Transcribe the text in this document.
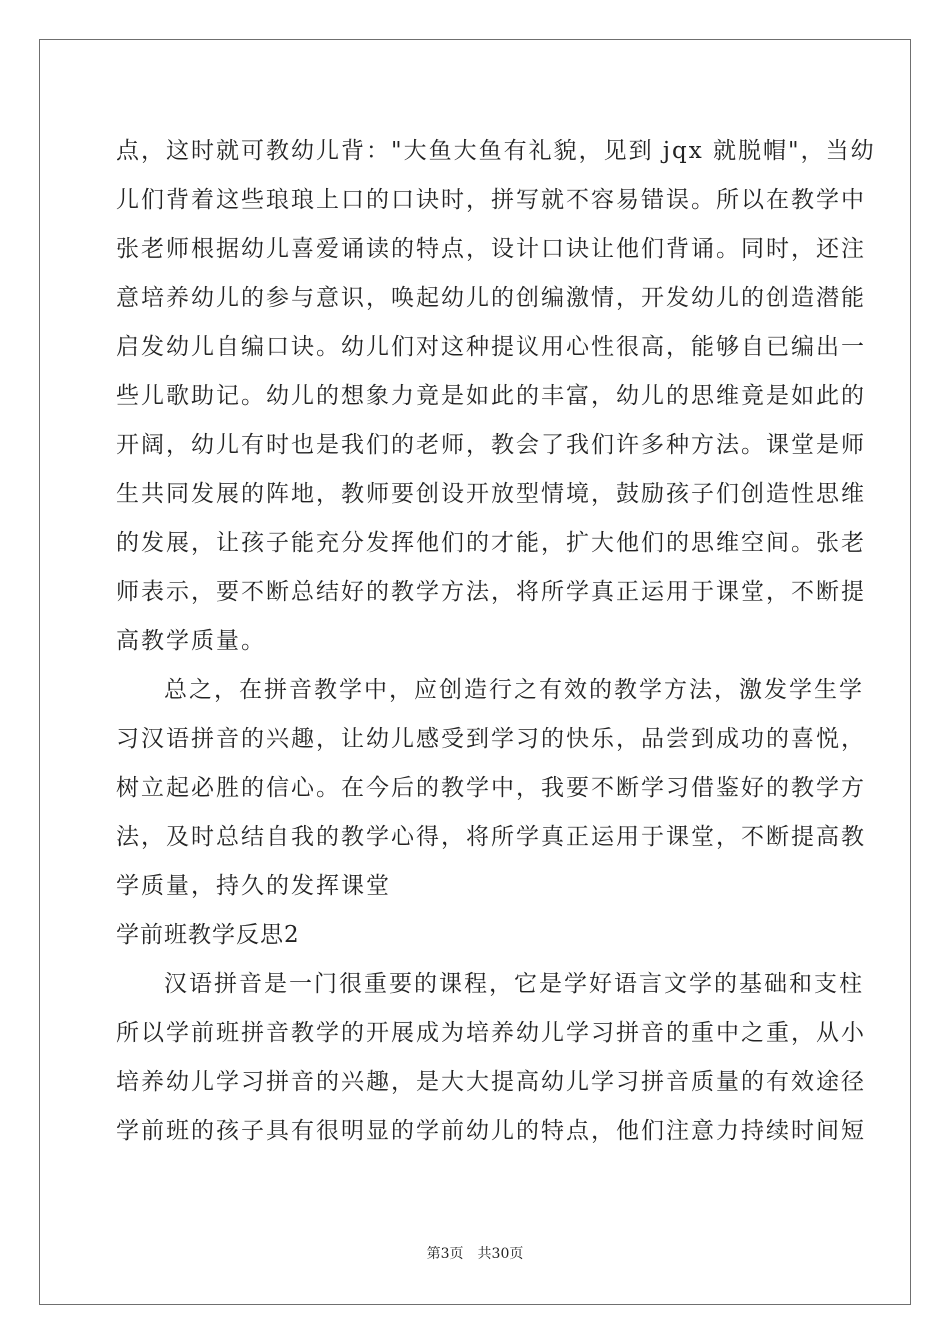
点，这时就可教幼儿背："大鱼大鱼有礼貌，见到 jqx 就脱帽"，当幼
儿们背着这些琅琅上口的口诀时，拼写就不容易错误。所以在教学中
张老师根据幼儿喜爱诵读的特点，设计口诀让他们背诵。同时，还注
意培养幼儿的参与意识，唤起幼儿的创编激情，开发幼儿的创造潜能
启发幼儿自编口诀。幼儿们对这种提议用心性很高，能够自已编出一
些儿歌助记。幼儿的想象力竟是如此的丰富，幼儿的思维竟是如此的
开阔，幼儿有时也是我们的老师，教会了我们许多种方法。课堂是师
生共同发展的阵地，教师要创设开放型情境，鼓励孩子们创造性思维
的发展，让孩子能充分发挥他们的才能，扩大他们的思维空间。张老
师表示，要不断总结好的教学方法，将所学真正运用于课堂，不断提
高教学质量。
总之，在拼音教学中，应创造行之有效的教学方法，激发学生学
习汉语拼音的兴趣，让幼儿感受到学习的快乐，品尝到成功的喜悦，
树立起必胜的信心。在今后的教学中，我要不断学习借鉴好的教学方
法，及时总结自我的教学心得，将所学真正运用于课堂，不断提高教
学质量，持久的发挥课堂
学前班教学反思2
汉语拼音是一门很重要的课程，它是学好语言文学的基础和支柱
所以学前班拼音教学的开展成为培养幼儿学习拼音的重中之重，从小
培养幼儿学习拼音的兴趣，是大大提高幼儿学习拼音质量的有效途径
学前班的孩子具有很明显的学前幼儿的特点，他们注意力持续时间短
第3页 共30页
